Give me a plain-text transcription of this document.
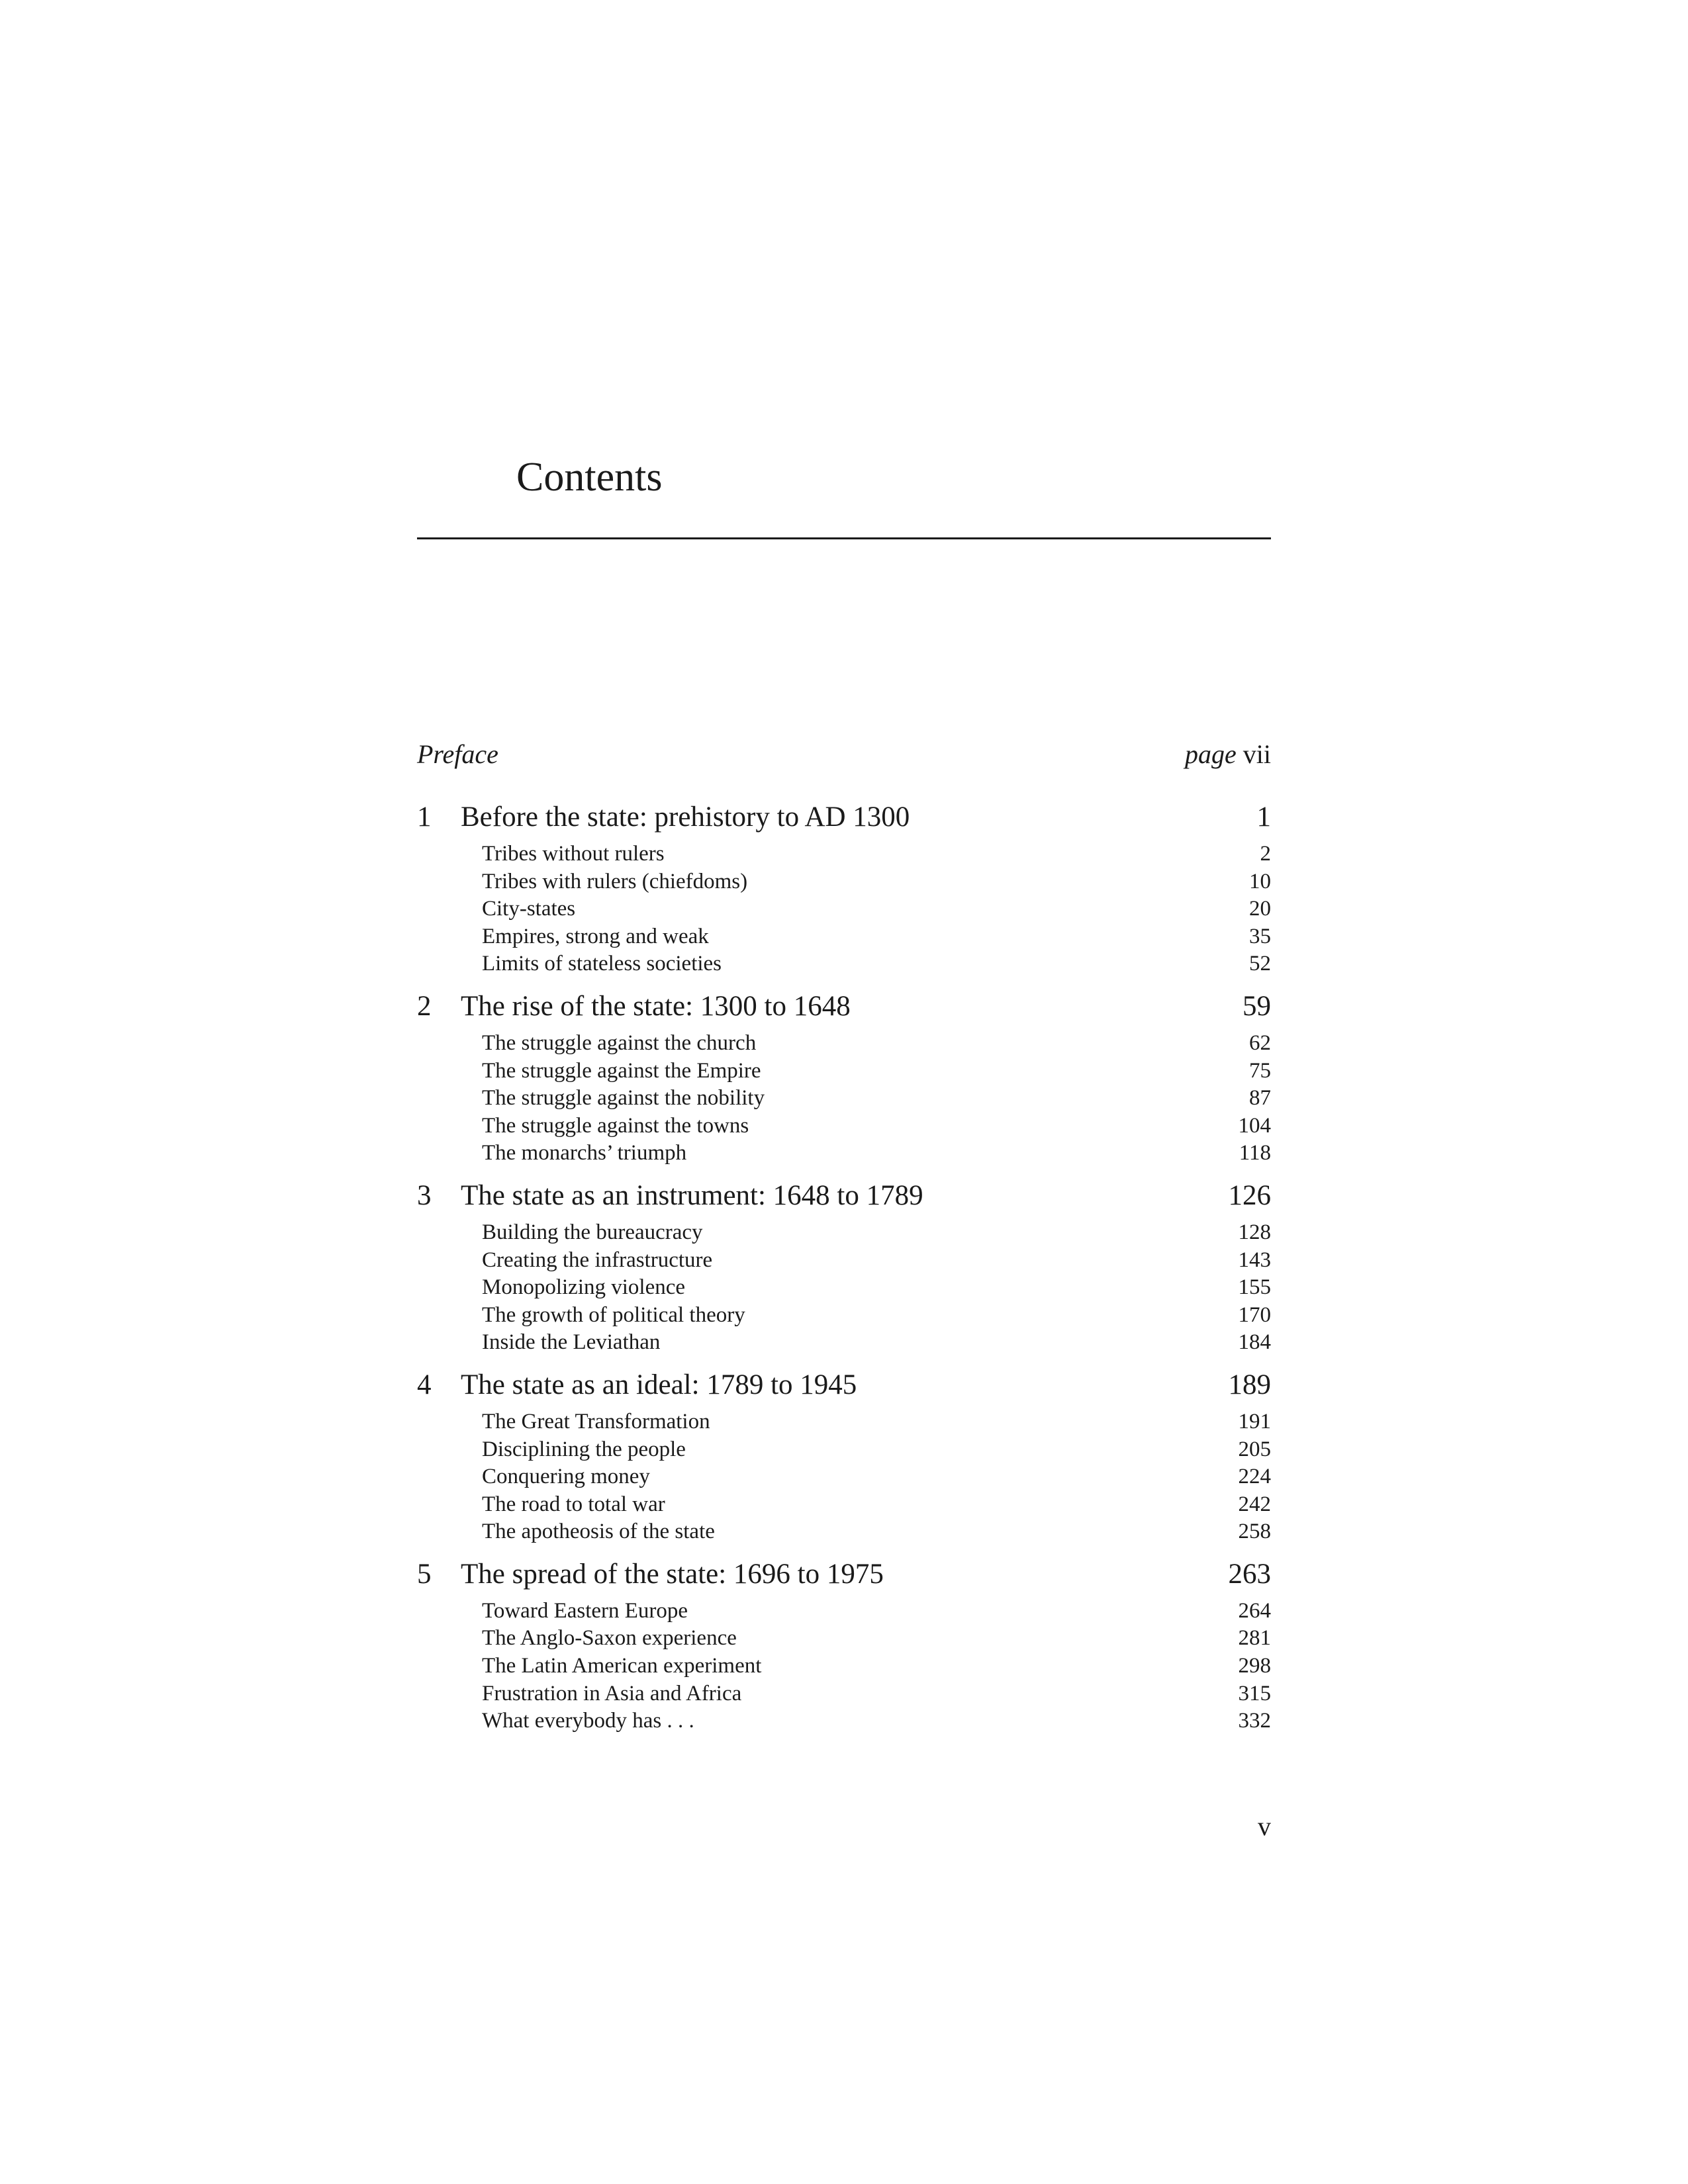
Contents
Preface	page vii
1	Before the state: prehistory to AD 1300	1
Tribes without rulers	2
Tribes with rulers (chiefdoms)	10
City-states	20
Empires, strong and weak	35
Limits of stateless societies	52
2	The rise of the state: 1300 to 1648	59
The struggle against the church	62
The struggle against the Empire	75
The struggle against the nobility	87
The struggle against the towns	104
The monarchs’ triumph	118
3	The state as an instrument: 1648 to 1789	126
Building the bureaucracy	128
Creating the infrastructure	143
Monopolizing violence	155
The growth of political theory	170
Inside the Leviathan	184
4	The state as an ideal: 1789 to 1945	189
The Great Transformation	191
Disciplining the people	205
Conquering money	224
The road to total war	242
The apotheosis of the state	258
5	The spread of the state: 1696 to 1975	263
Toward Eastern Europe	264
The Anglo-Saxon experience	281
The Latin American experiment	298
Frustration in Asia and Africa	315
What everybody has . . .	332
v
